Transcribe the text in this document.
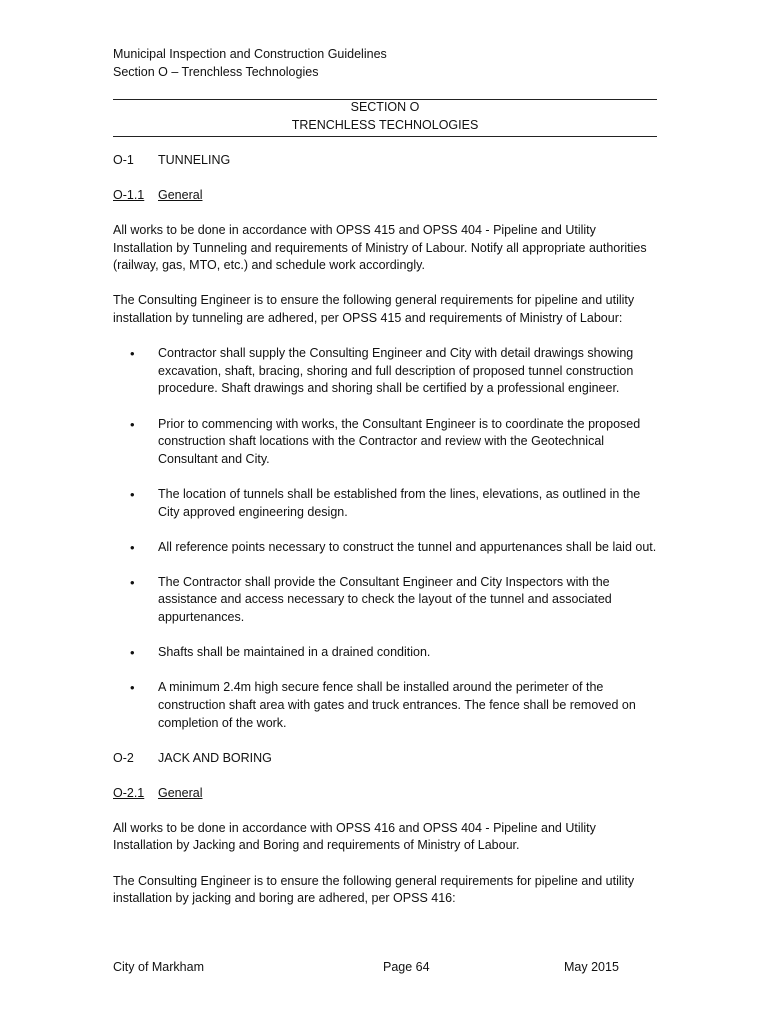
Municipal Inspection and Construction Guidelines
Section O – Trenchless Technologies
SECTION O
TRENCHLESS TECHNOLOGIES
O-1	TUNNELING
O-1.1	General

All works to be done in accordance with OPSS 415 and OPSS 404 - Pipeline and Utility Installation by Tunneling and requirements of Ministry of Labour. Notify all appropriate authorities (railway, gas, MTO, etc.) and schedule work accordingly.

The Consulting Engineer is to ensure the following general requirements for pipeline and utility installation by tunneling are adhered, per OPSS 415 and requirements of Ministry of Labour:

• Contractor shall supply the Consulting Engineer and City with detail drawings showing excavation, shaft, bracing, shoring and full description of proposed tunnel construction procedure. Shaft drawings and shoring shall be certified by a professional engineer.
• Prior to commencing with works, the Consultant Engineer is to coordinate the proposed construction shaft locations with the Contractor and review with the Geotechnical Consultant and City.
• The location of tunnels shall be established from the lines, elevations, as outlined in the City approved engineering design.
• All reference points necessary to construct the tunnel and appurtenances shall be laid out.
• The Contractor shall provide the Consultant Engineer and City Inspectors with the assistance and access necessary to check the layout of the tunnel and associated appurtenances.
• Shafts shall be maintained in a drained condition.
• A minimum 2.4m high secure fence shall be installed around the perimeter of the construction shaft area with gates and truck entrances. The fence shall be removed on completion of the work.
O-2	JACK AND BORING
O-2.1	General

All works to be done in accordance with OPSS 416 and OPSS 404 - Pipeline and Utility Installation by Jacking and Boring and requirements of Ministry of Labour.

The Consulting Engineer is to ensure the following general requirements for pipeline and utility installation by jacking and boring are adhered, per OPSS 416:

City of Markham	Page 64	May 2015
